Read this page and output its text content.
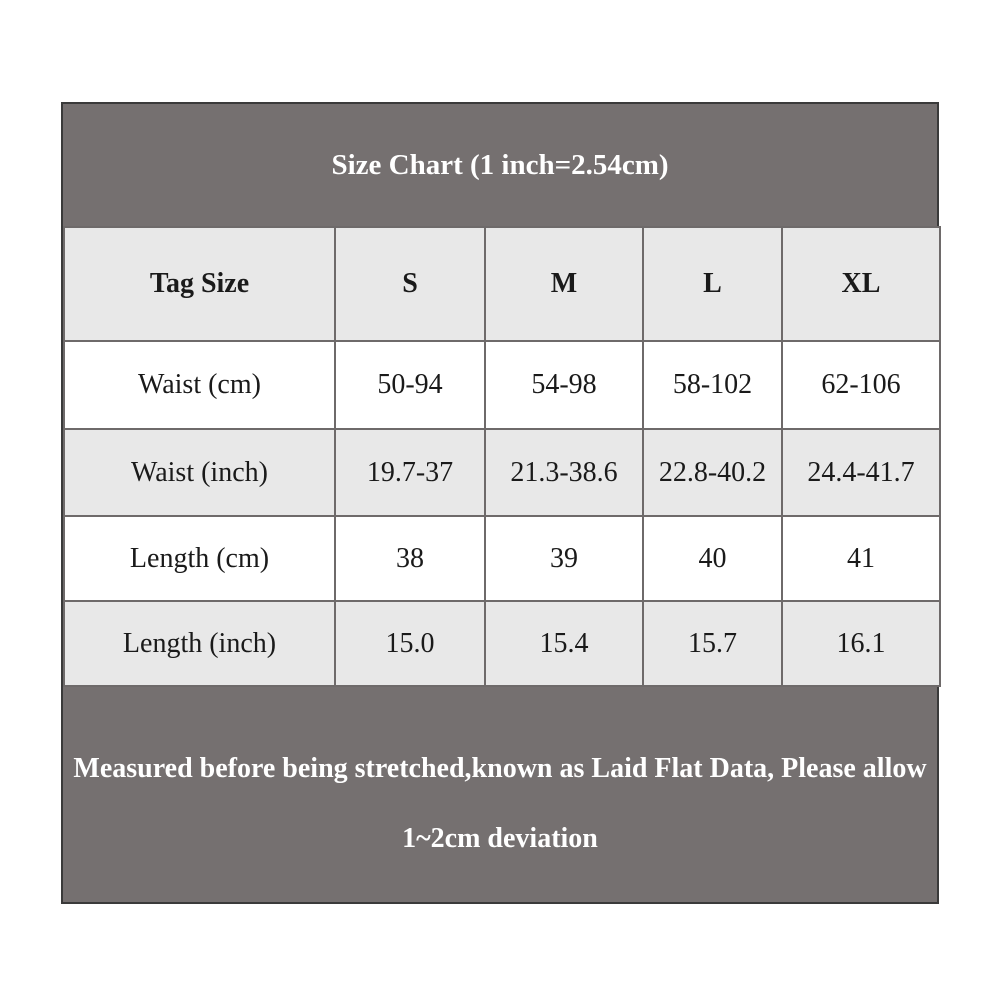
Size Chart (1 inch=2.54cm)
Tag Size	S	M	L	XL
Waist (cm)	50-94	54-98	58-102	62-106
Waist (inch)	19.7-37	21.3-38.6	22.8-40.2	24.4-41.7
Length (cm)	38	39	40	41
Length (inch)	15.0	15.4	15.7	16.1
Measured before being stretched,known as Laid Flat Data, Please allow
1~2cm deviation
